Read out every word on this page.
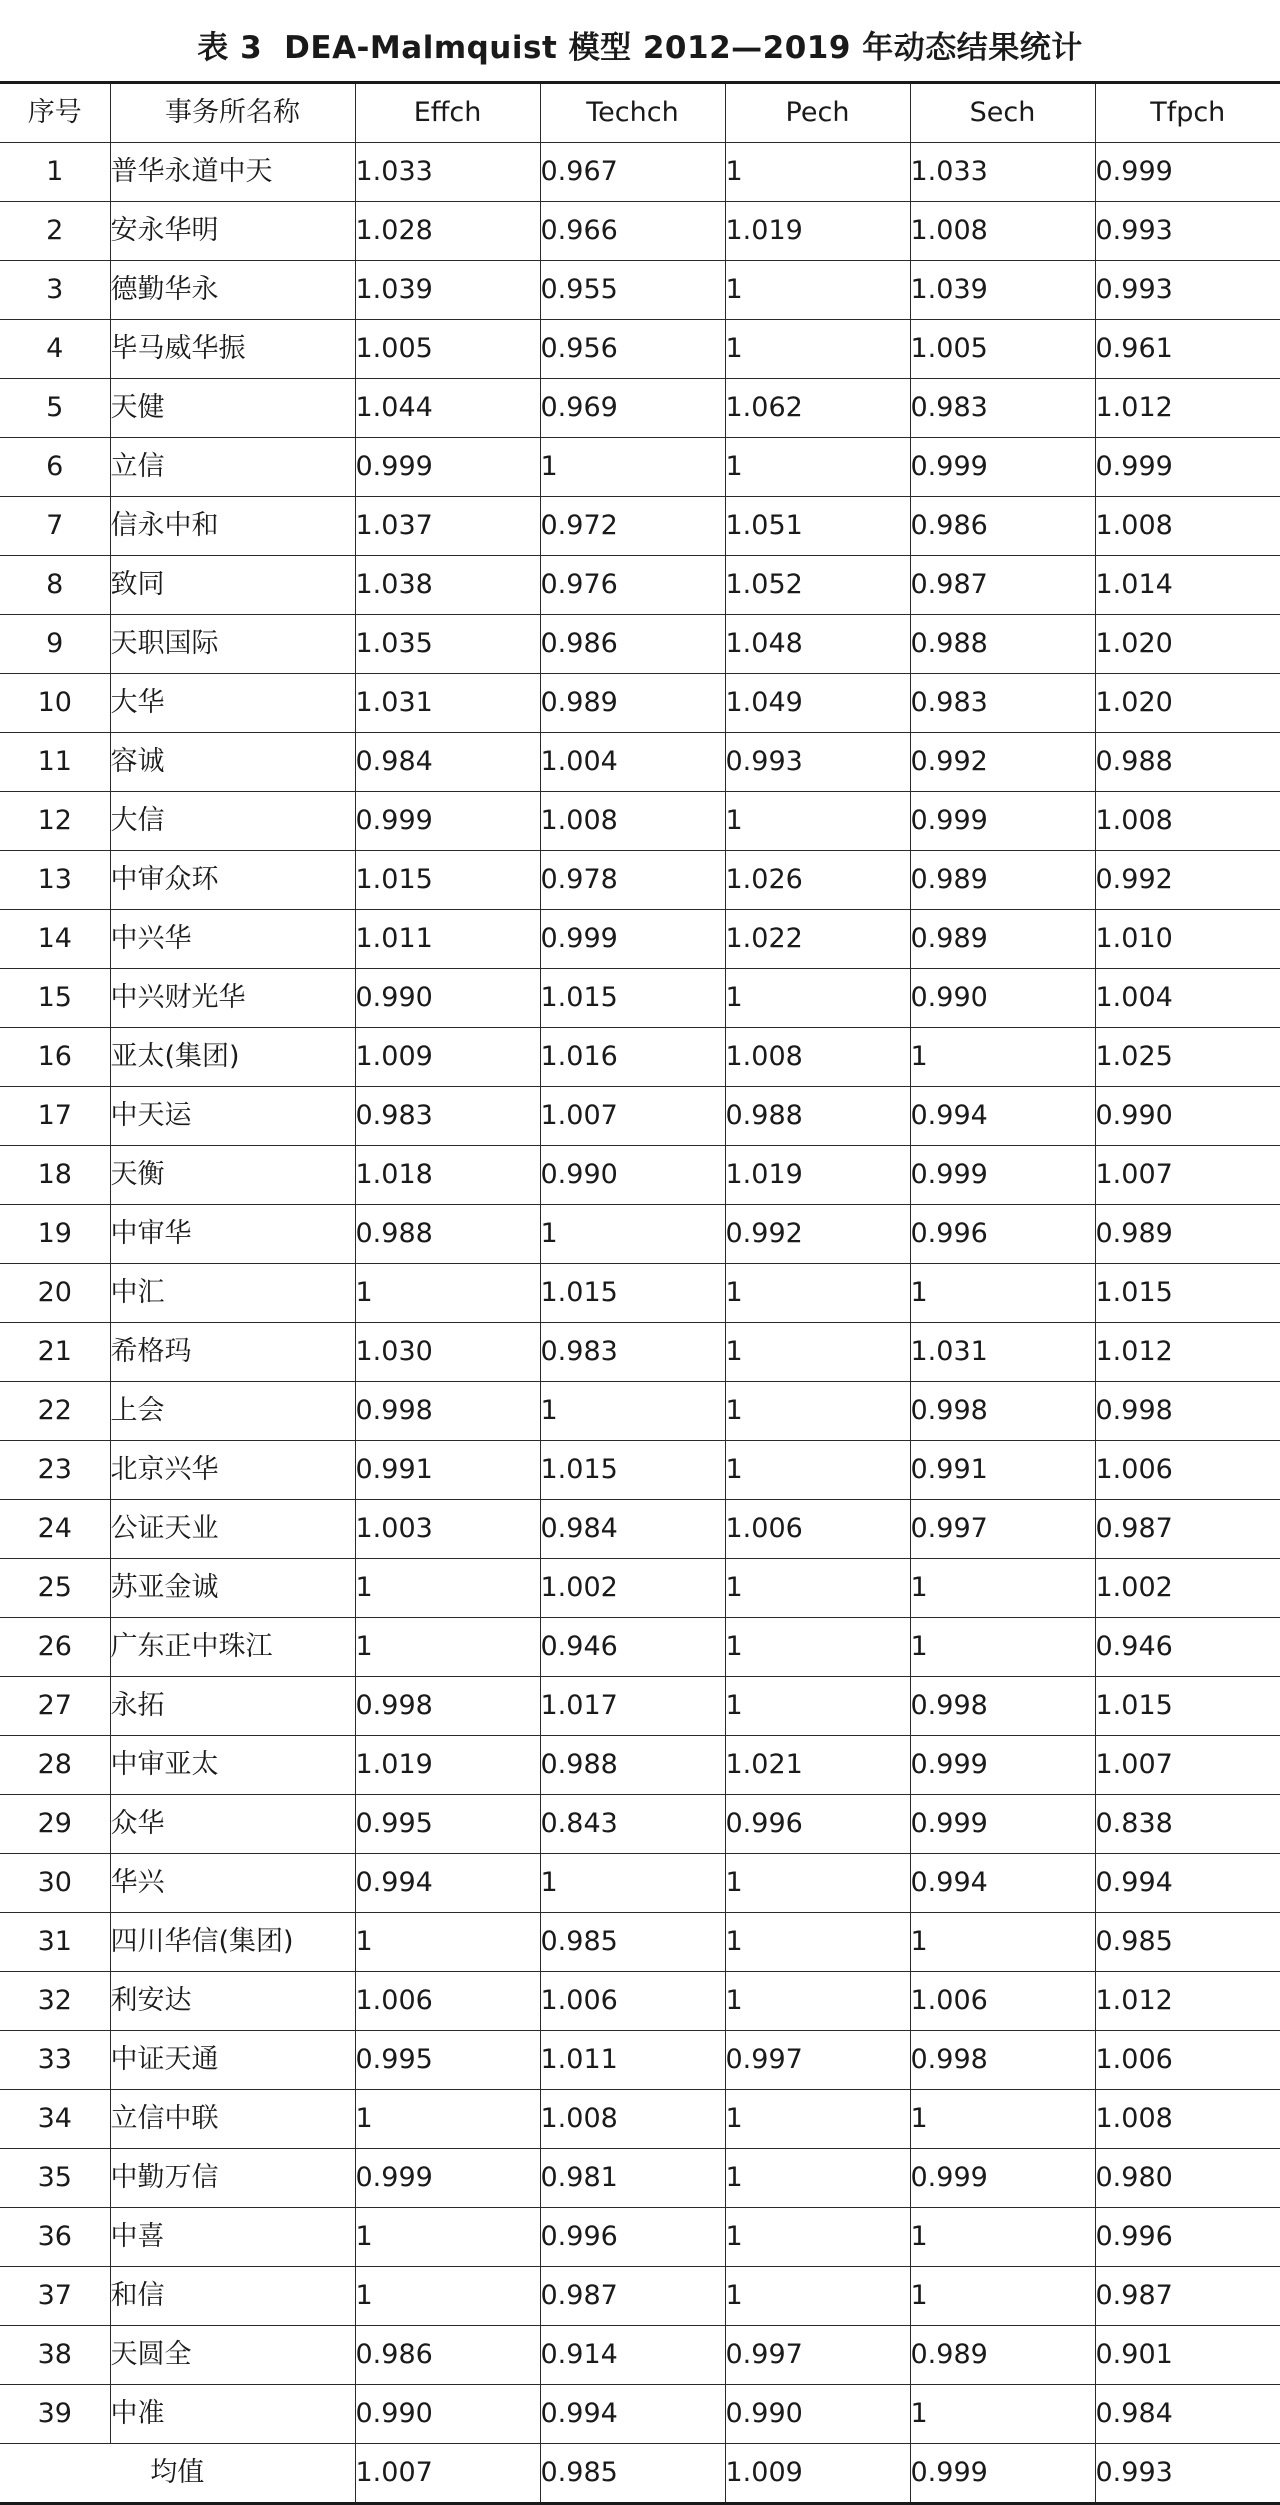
表 3 DEA-Malmquist 模型 2012—2019 年动态结果统计
序号	事务所名称	Effch	Techch	Pech	Sech	Tfpch
1	普华永道中天	1.033	0.967	1	1.033	0.999
2	安永华明	1.028	0.966	1.019	1.008	0.993
3	德勤华永	1.039	0.955	1	1.039	0.993
4	毕马威华振	1.005	0.956	1	1.005	0.961
5	天健	1.044	0.969	1.062	0.983	1.012
6	立信	0.999	1	1	0.999	0.999
7	信永中和	1.037	0.972	1.051	0.986	1.008
8	致同	1.038	0.976	1.052	0.987	1.014
9	天职国际	1.035	0.986	1.048	0.988	1.020
10	大华	1.031	0.989	1.049	0.983	1.020
11	容诚	0.984	1.004	0.993	0.992	0.988
12	大信	0.999	1.008	1	0.999	1.008
13	中审众环	1.015	0.978	1.026	0.989	0.992
14	中兴华	1.011	0.999	1.022	0.989	1.010
15	中兴财光华	0.990	1.015	1	0.990	1.004
16	亚太(集团)	1.009	1.016	1.008	1	1.025
17	中天运	0.983	1.007	0.988	0.994	0.990
18	天衡	1.018	0.990	1.019	0.999	1.007
19	中审华	0.988	1	0.992	0.996	0.989
20	中汇	1	1.015	1	1	1.015
21	希格玛	1.030	0.983	1	1.031	1.012
22	上会	0.998	1	1	0.998	0.998
23	北京兴华	0.991	1.015	1	0.991	1.006
24	公证天业	1.003	0.984	1.006	0.997	0.987
25	苏亚金诚	1	1.002	1	1	1.002
26	广东正中珠江	1	0.946	1	1	0.946
27	永拓	0.998	1.017	1	0.998	1.015
28	中审亚太	1.019	0.988	1.021	0.999	1.007
29	众华	0.995	0.843	0.996	0.999	0.838
30	华兴	0.994	1	1	0.994	0.994
31	四川华信(集团)	1	0.985	1	1	0.985
32	利安达	1.006	1.006	1	1.006	1.012
33	中证天通	0.995	1.011	0.997	0.998	1.006
34	立信中联	1	1.008	1	1	1.008
35	中勤万信	0.999	0.981	1	0.999	0.980
36	中喜	1	0.996	1	1	0.996
37	和信	1	0.987	1	1	0.987
38	天圆全	0.986	0.914	0.997	0.989	0.901
39	中准	0.990	0.994	0.990	1	0.984
均值		1.007	0.985	1.009	0.999	0.993
